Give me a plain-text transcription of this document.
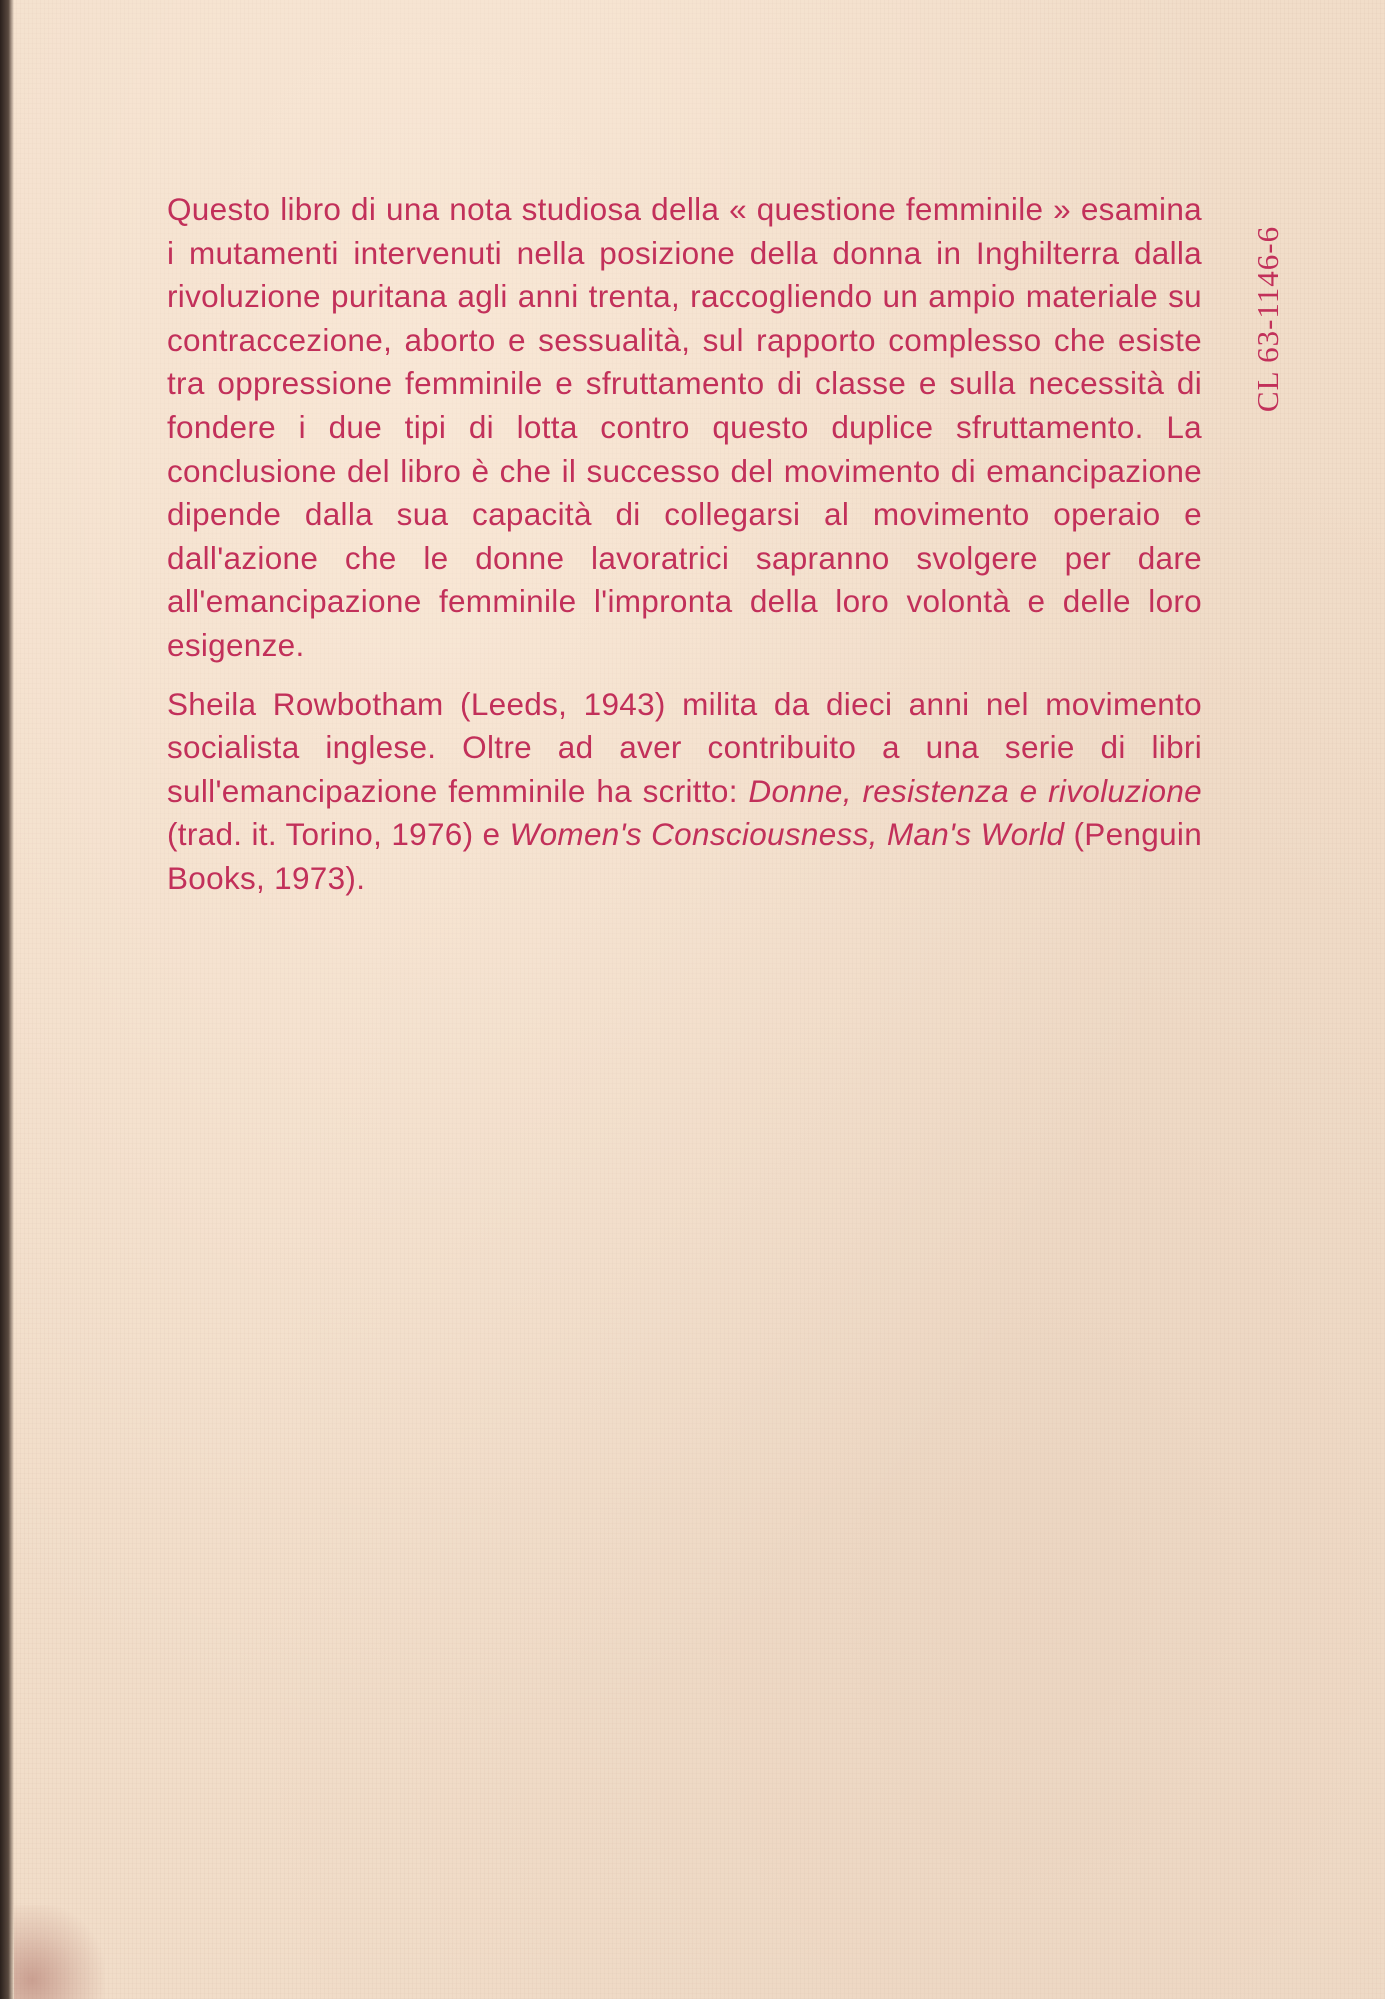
Questo libro di una nota studiosa della « questione femminile » esamina i mutamenti intervenuti nella posizione della donna in Inghilterra dalla rivoluzione puritana agli anni trenta, raccogliendo un ampio materiale su contraccezione, aborto e sessualità, sul rapporto complesso che esiste tra oppressione femminile e sfruttamento di classe e sulla necessità di fondere i due tipi di lotta contro questo duplice sfruttamento. La conclusione del libro è che il successo del movimento di emancipazione dipende dalla sua capacità di collegarsi al movimento operaio e dall'azione che le donne lavoratrici sapranno svolgere per dare all'emancipazione femminile l'impronta della loro volontà e delle loro esigenze.

Sheila Rowbotham (Leeds, 1943) milita da dieci anni nel movimento socialista inglese. Oltre ad aver contribuito a una serie di libri sull'emancipazione femminile ha scritto: Donne, resistenza e rivoluzione (trad. it. Torino, 1976) e Women's Consciousness, Man's World (Penguin Books, 1973).

CL 63-1146-6
